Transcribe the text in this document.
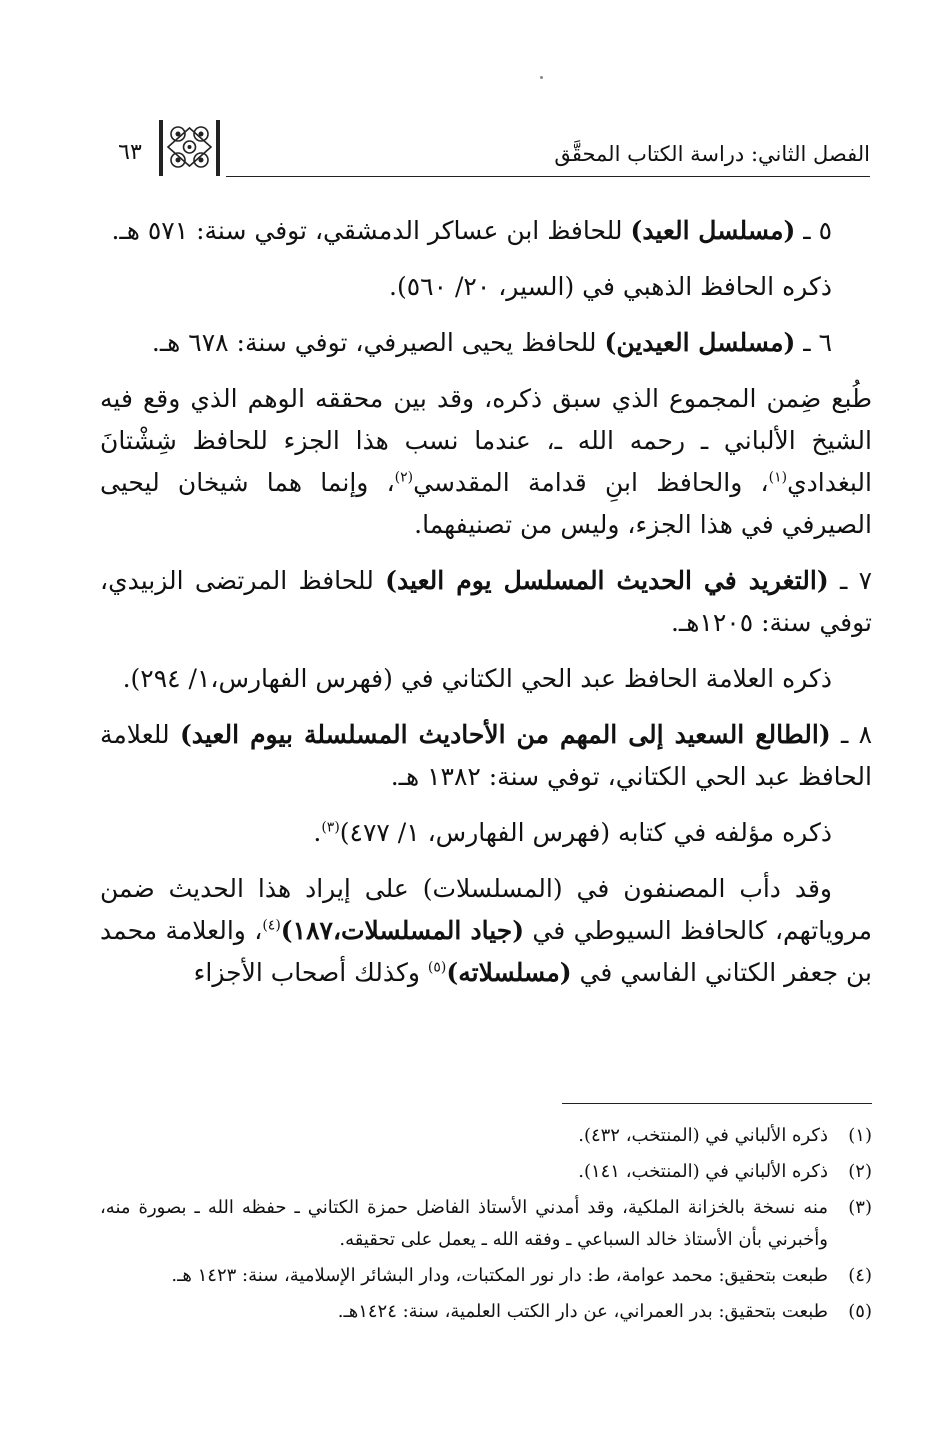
الفصل الثاني: دراسة الكتاب المحقَّق
٦٣

٥ ـ (مسلسل العيد) للحافظ ابن عساكر الدمشقي، توفي سنة: ٥٧١ هـ.

ذكره الحافظ الذهبي في (السير، ٢٠/ ٥٦٠).

٦ ـ (مسلسل العيدين) للحافظ يحيى الصيرفي، توفي سنة: ٦٧٨ هـ.

طُبع ضِمن المجموع الذي سبق ذكره، وقد بين محققه الوهم الذي وقع فيه الشيخ الألباني ـ رحمه الله ـ، عندما نسب هذا الجزء للحافظ شِشْتانَ البغدادي$^{(١)}$، والحافظ ابنِ قدامة المقدسي$^{(٢)}$، وإنما هما شيخان ليحيى الصيرفي في هذا الجزء، وليس من تصنيفهما.

٧ ـ (التغريد في الحديث المسلسل يوم العيد) للحافظ المرتضى الزبيدي، توفي سنة: ١٢٠٥هـ.

ذكره العلامة الحافظ عبد الحي الكتاني في (فهرس الفهارس،١/ ٢٩٤).

٨ ـ (الطالع السعيد إلى المهم من الأحاديث المسلسلة بيوم العيد) للعلامة الحافظ عبد الحي الكتاني، توفي سنة: ١٣٨٢ هـ.

ذكره مؤلفه في كتابه (فهرس الفهارس، ١/ ٤٧٧)$^{(٣)}$.

وقد دأب المصنفون في (المسلسلات) على إيراد هذا الحديث ضمن مروياتهم، كالحافظ السيوطي في (جياد المسلسلات،١٨٧)$^{(٤)}$، والعلامة محمد بن جعفر الكتاني الفاسي في (مسلسلاته)$^{(٥)}$ وكذلك أصحاب الأجزاء

(١)
ذكره الألباني في (المنتخب، ٤٣٢).
(٢)
ذكره الألباني في (المنتخب، ١٤١).
(٣)
منه نسخة بالخزانة الملكية، وقد أمدني الأستاذ الفاضل حمزة الكتاني ـ حفظه الله ـ بصورة منه، وأخبرني بأن الأستاذ خالد السباعي ـ وفقه الله ـ يعمل على تحقيقه.
(٤)
طبعت بتحقيق: محمد عوامة، ط: دار نور المكتبات، ودار البشائر الإسلامية، سنة: ١٤٢٣ هـ.
(٥)
طبعت بتحقيق: بدر العمراني، عن دار الكتب العلمية، سنة: ١٤٢٤هـ.
